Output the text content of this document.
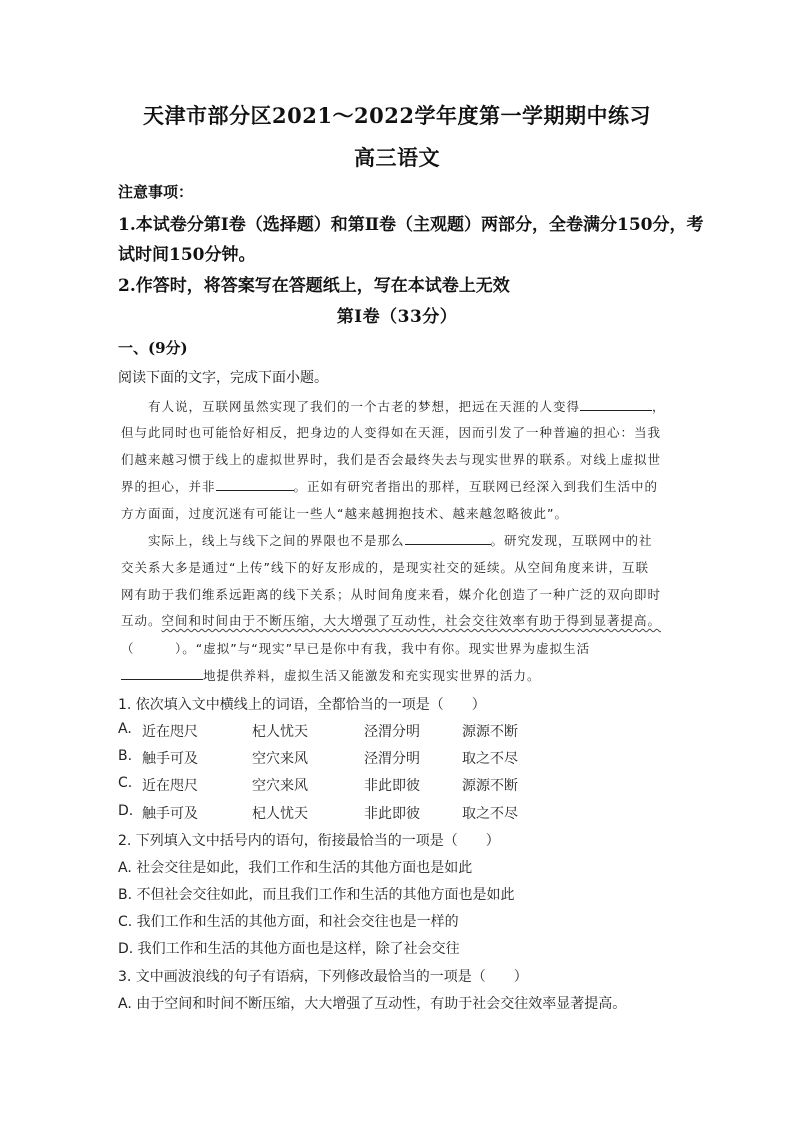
天津市部分区2021～2022学年度第一学期期中练习
高三语文
注意事项：
1.本试卷分第Ⅰ卷（选择题）和第Ⅱ卷（主观题）两部分，全卷满分150分，考
试时间150分钟。
2.作答时，将答案写在答题纸上，写在本试卷上无效
第Ⅰ卷（33分）
一、(9分)
阅读下面的文字，完成下面小题。
有人说，互联网虽然实现了我们的一个古老的梦想，把远在天涯的人变得	，
但与此同时也可能恰好相反，把身边的人变得如在天涯，因而引发了一种普遍的担心：当我
们越来越习惯于线上的虚拟世界时，我们是否会最终失去与现实世界的联系。对线上虚拟世
界的担心，并非	。正如有研究者指出的那样，互联网已经深入到我们生活中的
方方面面，过度沉迷有可能让一些人“越来越拥抱技术、越来越忽略彼此”。
实际上，线上与线下之间的界限也不是那么	。研究发现，互联网中的社
交关系大多是通过“上传”线下的好友形成的，是现实社交的延续。从空间角度来讲，互联
网有助于我们维系远距离的线下关系；从时间角度来看，媒介化创造了一种广泛的双向即时
互动。空间和时间由于不断压缩，大大增强了互动性，社会交往效率有助于得到显著提高。
（　　　）。“虚拟”与“现实”早已是你中有我，我中有你。现实世界为虚拟生活
地提供养料，虚拟生活又能激发和充实现实世界的活力。
1. 依次填入文中横线上的词语，全都恰当的一项是（　　）
A. 近在咫尺	杞人忧天	泾渭分明	源源不断
B. 触手可及	空穴来风	泾渭分明	取之不尽
C. 近在咫尺	空穴来风	非此即彼	源源不断
D. 触手可及	杞人忧天	非此即彼	取之不尽
2. 下列填入文中括号内的语句，衔接最恰当的一项是（　　）
A. 社会交往是如此，我们工作和生活的其他方面也是如此
B. 不但社会交往如此，而且我们工作和生活的其他方面也是如此
C. 我们工作和生活的其他方面，和社会交往也是一样的
D. 我们工作和生活的其他方面也是这样，除了社会交往
3. 文中画波浪线的句子有语病，下列修改最恰当的一项是（　　）
A. 由于空间和时间不断压缩，大大增强了互动性，有助于社会交往效率显著提高。
